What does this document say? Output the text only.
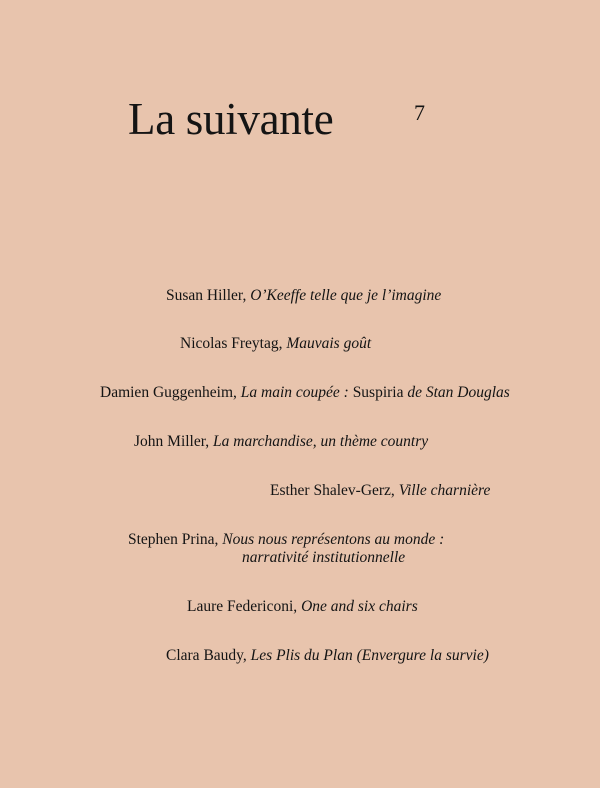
La suivante	7
Susan Hiller, O’Keeffe telle que je l’imagine
Nicolas Freytag, Mauvais goût
Damien Guggenheim, La main coupée : Suspiria de Stan Douglas
John Miller, La marchandise, un thème country
Esther Shalev-Gerz, Ville charnière
Stephen Prina, Nous nous représentons au monde :
narrativité institutionnelle
Laure Federiconi, One and six chairs
Clara Baudy, Les Plis du Plan (Envergure la survie)
